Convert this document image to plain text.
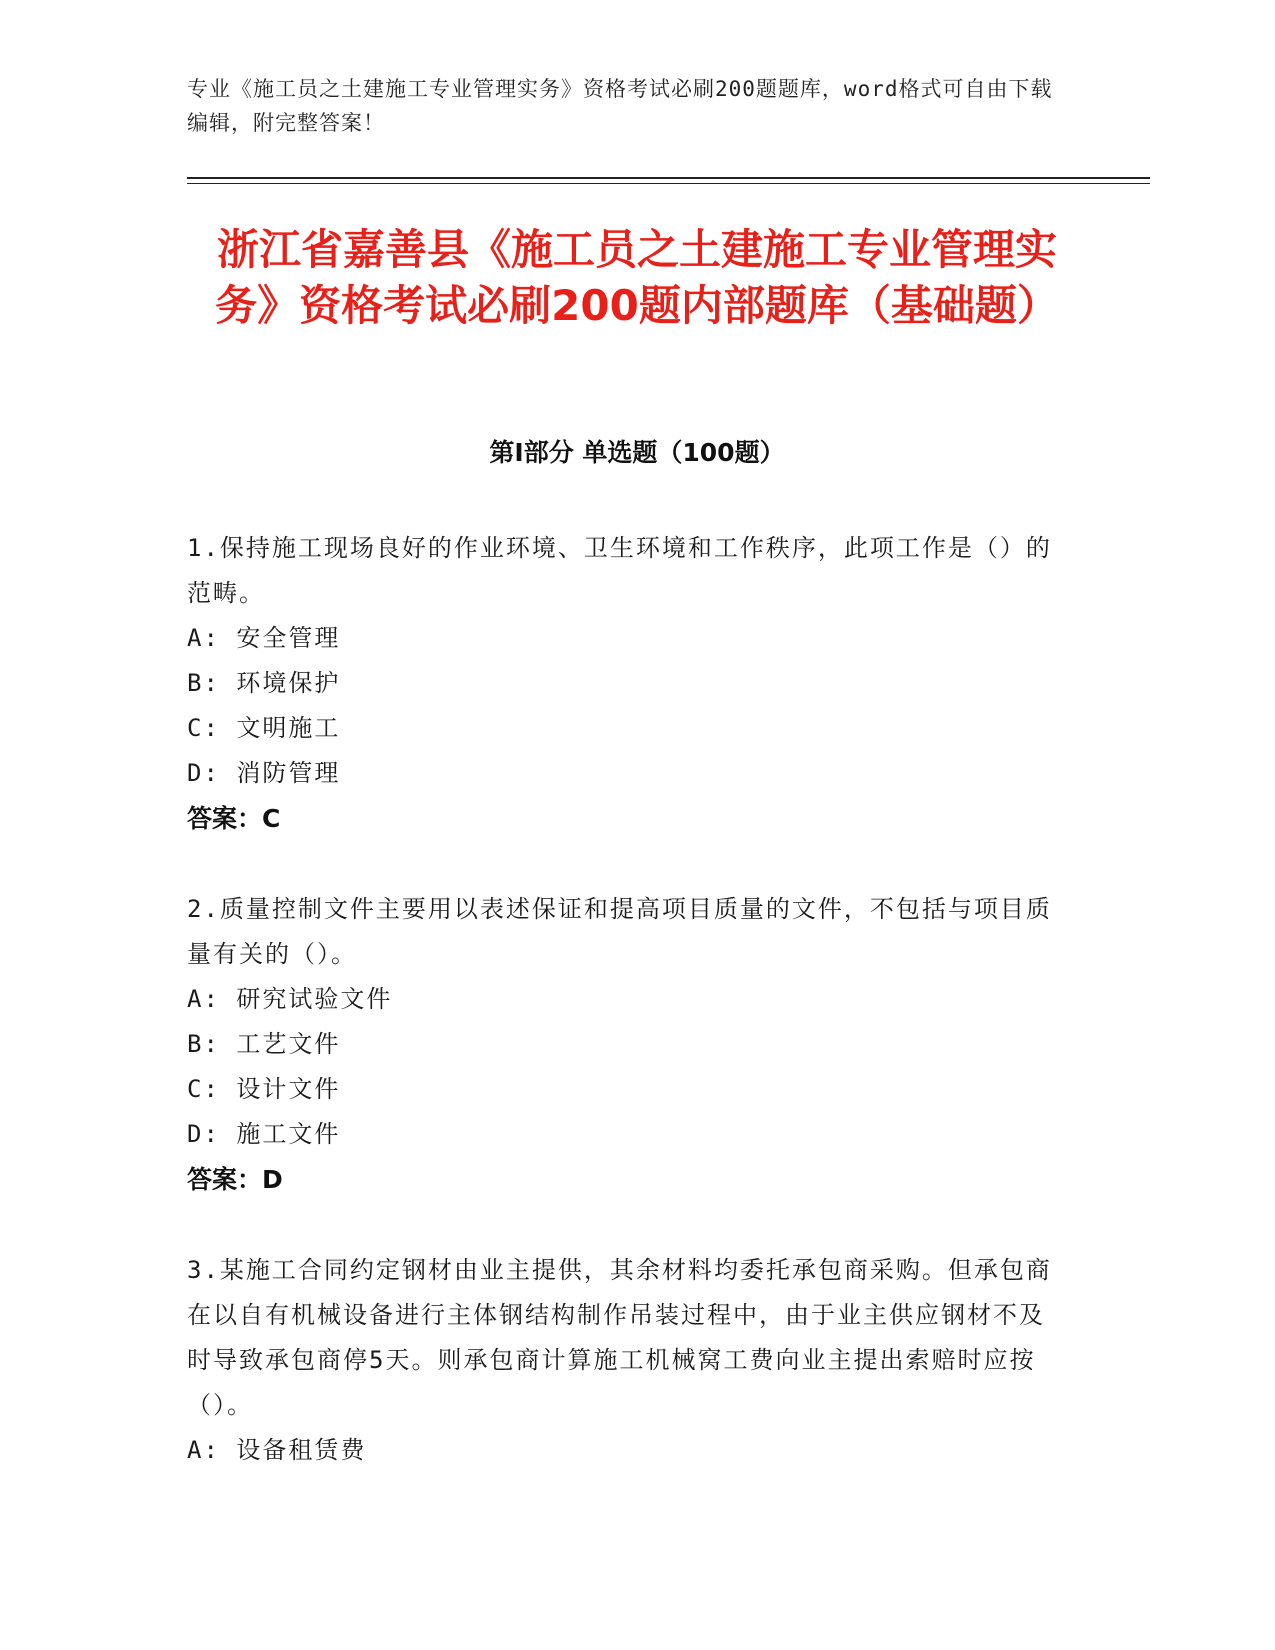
专业《施工员之土建施工专业管理实务》资格考试必刷200题题库，word格式可自由下载编辑，附完整答案！
浙江省嘉善县《施工员之土建施工专业管理实务》资格考试必刷200题内部题库（基础题）
第Ⅰ部分 单选题（100题）

1.保持施工现场良好的作业环境、卫生环境和工作秩序，此项工作是（）的范畴。

A: 安全管理

B: 环境保护

C: 文明施工

D: 消防管理

答案：C

2.质量控制文件主要用以表述保证和提高项目质量的文件，不包括与项目质量有关的（）。

A: 研究试验文件

B: 工艺文件

C: 设计文件

D: 施工文件

答案：D

3.某施工合同约定钢材由业主提供，其余材料均委托承包商采购。但承包商在以自有机械设备进行主体钢结构制作吊装过程中，由于业主供应钢材不及时导致承包商停5天。则承包商计算施工机械窝工费向业主提出索赔时应按（）。

A: 设备租赁费
